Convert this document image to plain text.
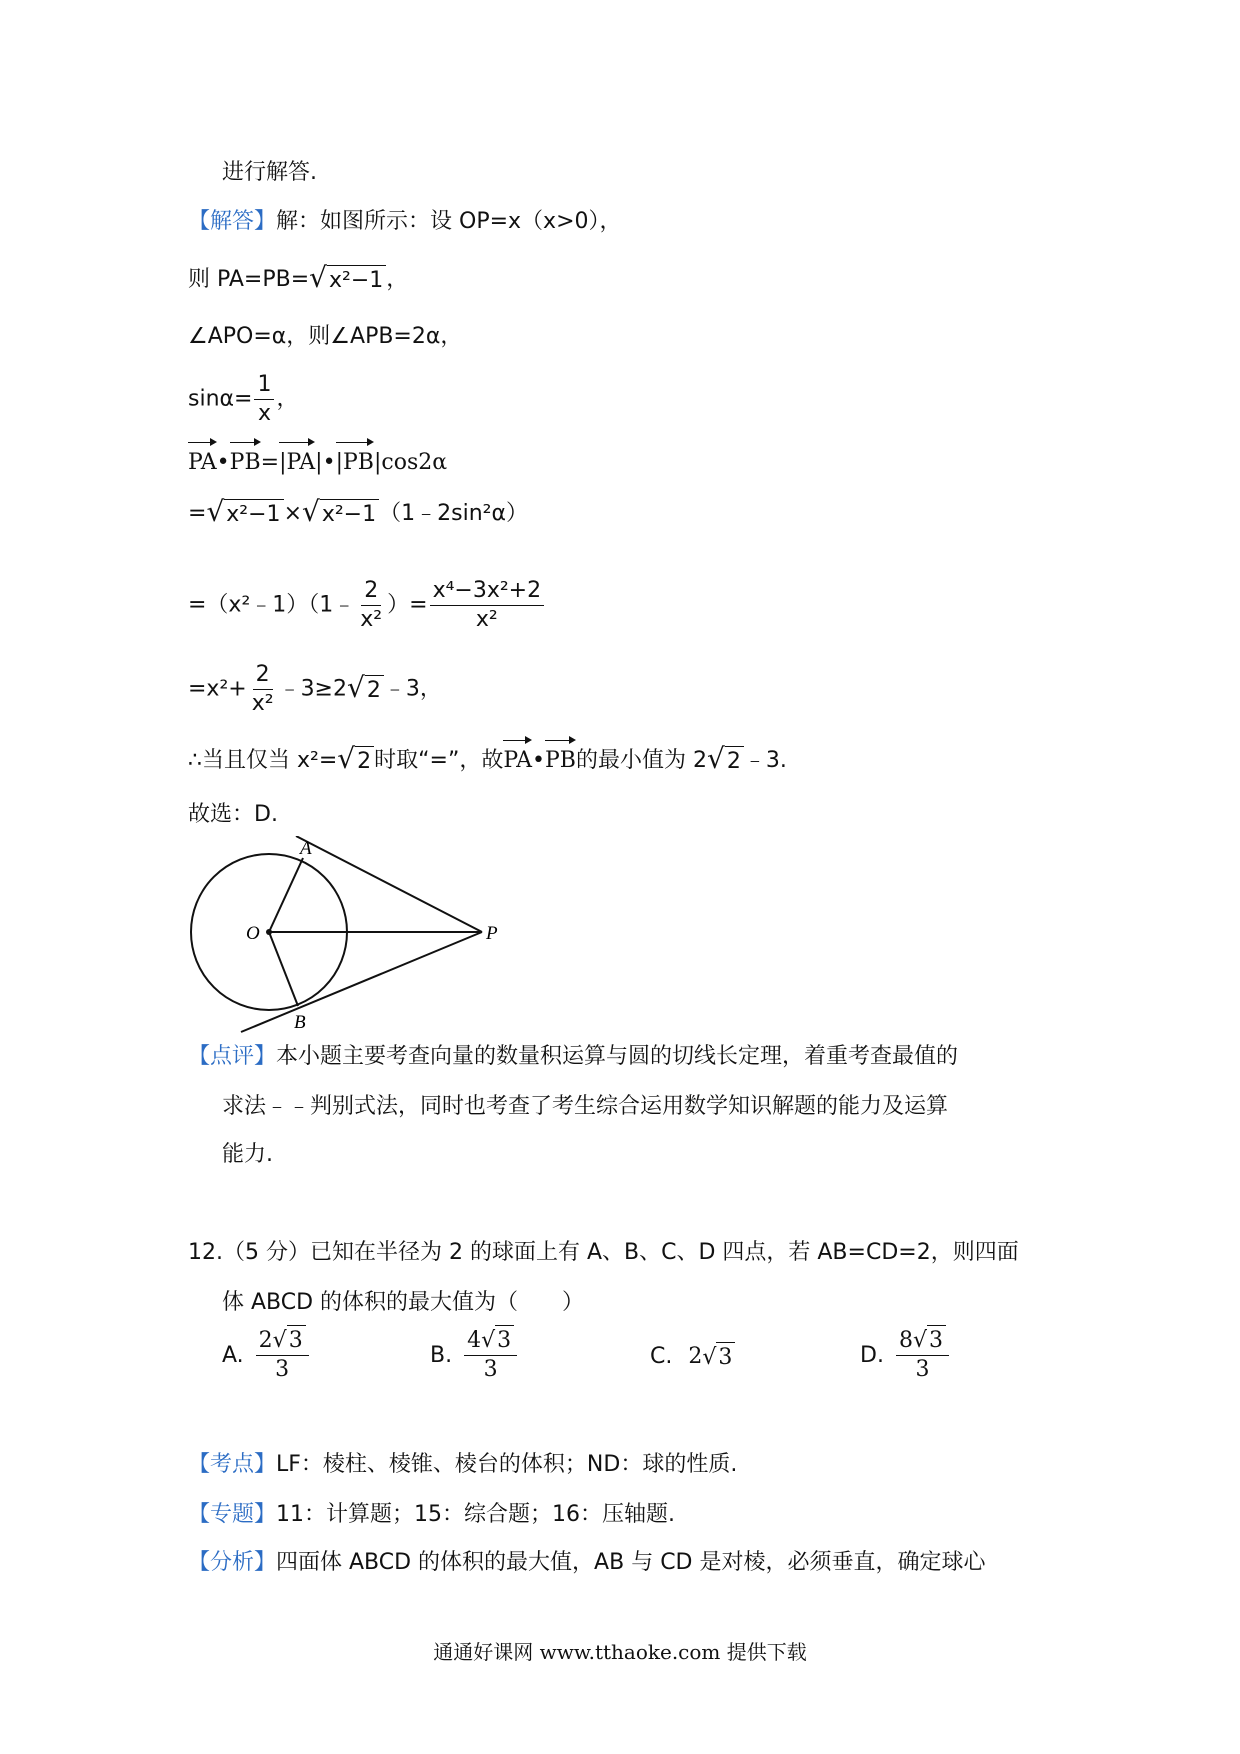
进行解答.
【解答】解：如图所示：设 OP=x（x>0），
则 PA=PB=√x²−1 ，
∠APO=α，则∠APB=2α，
$\sin\alpha= \frac{1}{x}$ ，
PA•PB=|PA|•|PB|cos2α
=√x²−1 ×√x²−1 （1﹣2sin²α）
=（x²﹣1）（1﹣ $\frac{2}{\text{x²}}$ ）= $\frac{\text{x⁴−3x²+2}}{\text{x²}}$
$=x^2+ \frac{2}{\text{x²}}$ ﹣3≥2√2 ﹣3，
∴当且仅当 x²=√2 时取“=”，故PA•PB的最小值为 2√2 ﹣3.
故选：D.
A
O	P
B
【点评】本小题主要考查向量的数量积运算与圆的切线长定理，着重考查最值的
求法﹣﹣判别式法，同时也考查了考生综合运用数学知识解题的能力及运算
能力.
12.（5 分）已知在半径为 2 的球面上有 A、B、C、D 四点，若 AB=CD=2，则四面
体 ABCD 的体积的最大值为（　　）
A. $\frac{2√3}{3}$	B. $\frac{4√3}{3}$	C. 2√3	D. $\frac{8√3}{3}$
【考点】LF：棱柱、棱锥、棱台的体积；ND：球的性质.
【专题】11：计算题；15：综合题；16：压轴题.
【分析】四面体 ABCD 的体积的最大值，AB 与 CD 是对棱，必须垂直，确定球心
通通好课网 www.tthaoke.com 提供下载
